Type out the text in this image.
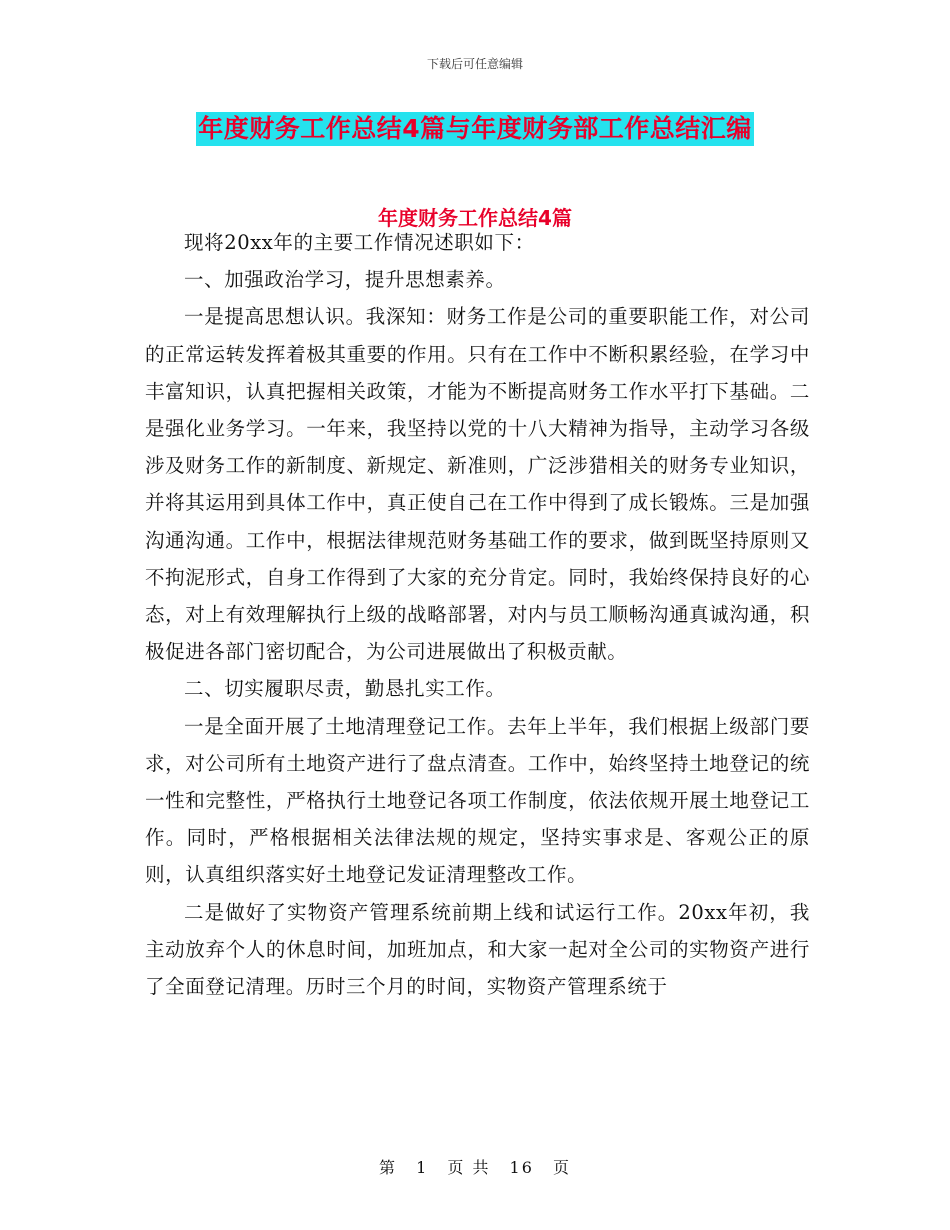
下载后可任意编辑
年度财务工作总结4篇与年度财务部工作总结汇编
年度财务工作总结4篇

现将20xx年的主要工作情况述职如下：

一、加强政治学习，提升思想素养。

一是提高思想认识。我深知：财务工作是公司的重要职能工作，对公司的正常运转发挥着极其重要的作用。只有在工作中不断积累经验，在学习中丰富知识，认真把握相关政策，才能为不断提高财务工作水平打下基础。二是强化业务学习。一年来，我坚持以党的十八大精神为指导，主动学习各级涉及财务工作的新制度、新规定、新准则，广泛涉猎相关的财务专业知识，并将其运用到具体工作中，真正使自己在工作中得到了成长锻炼。三是加强沟通沟通。工作中，根据法律规范财务基础工作的要求，做到既坚持原则又不拘泥形式，自身工作得到了大家的充分肯定。同时，我始终保持良好的心态，对上有效理解执行上级的战略部署，对内与员工顺畅沟通真诚沟通，积极促进各部门密切配合，为公司进展做出了积极贡献。

二、切实履职尽责，勤恳扎实工作。

一是全面开展了土地清理登记工作。去年上半年，我们根据上级部门要求，对公司所有土地资产进行了盘点清查。工作中，始终坚持土地登记的统一性和完整性，严格执行土地登记各项工作制度，依法依规开展土地登记工作。同时，严格根据相关法律法规的规定，坚持实事求是、客观公正的原则，认真组织落实好土地登记发证清理整改工作。

二是做好了实物资产管理系统前期上线和试运行工作。20xx年初，我主动放弃个人的休息时间，加班加点，和大家一起对全公司的实物资产进行了全面登记清理。历时三个月的时间，实物资产管理系统于

第 1 页 共 16 页
